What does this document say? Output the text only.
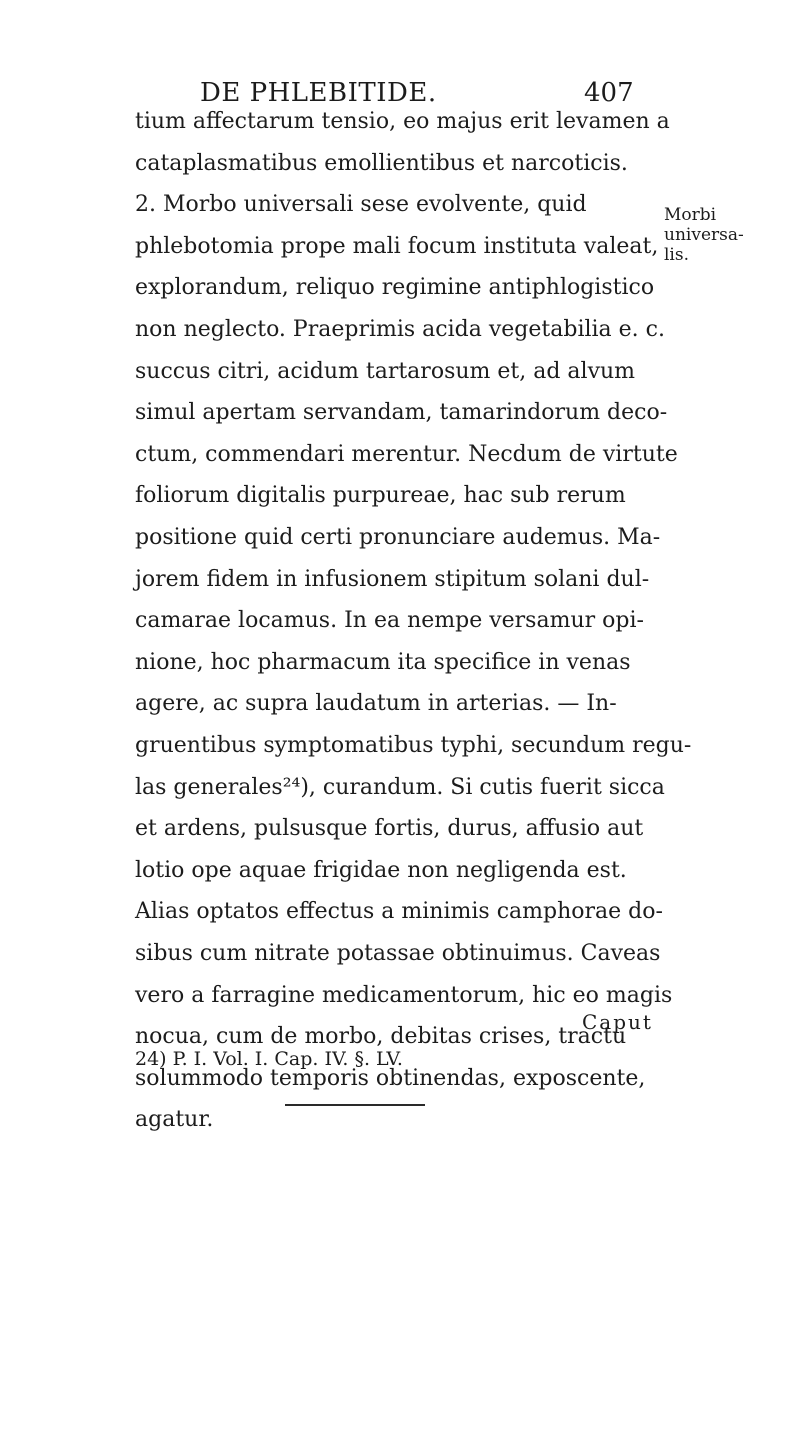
DE PHLEBITIDE.	407
tium affectarum tensio, eo majus erit levamen a
cataplasmatibus emollientibus et narcoticis.
2. Morbo universali sese evolvente, quid
phlebotomia prope mali focum instituta valeat,
explorandum, reliquo regimine antiphlogistico
non neglecto. Praeprimis acida vegetabilia e. c.
succus citri, acidum tartarosum et, ad alvum
simul apertam servandam, tamarindorum deco-
ctum, commendari merentur. Necdum de virtute
foliorum digitalis purpureae, hac sub rerum
positione quid certi pronunciare audemus. Ma-
jorem fidem in infusionem stipitum solani dul-
camarae locamus. In ea nempe versamur opi-
nione, hoc pharmacum ita specifice in venas
agere, ac supra laudatum in arterias. — In-
gruentibus symptomatibus typhi, secundum regu-
las generales²⁴), curandum. Si cutis fuerit sicca
et ardens, pulsusque fortis, durus, affusio aut
lotio ope aquae frigidae non negligenda est.
Alias optatos effectus a minimis camphorae do-
sibus cum nitrate potassae obtinuimus. Caveas
vero a farragine medicamentorum, hic eo magis
nocua, cum de morbo, debitas crises, tractu
solummodo temporis obtinendas, exposcente,
agatur.
Morbi
universa-
lis.
Caput
24) P. I. Vol. I. Cap. IV. §. LV.
